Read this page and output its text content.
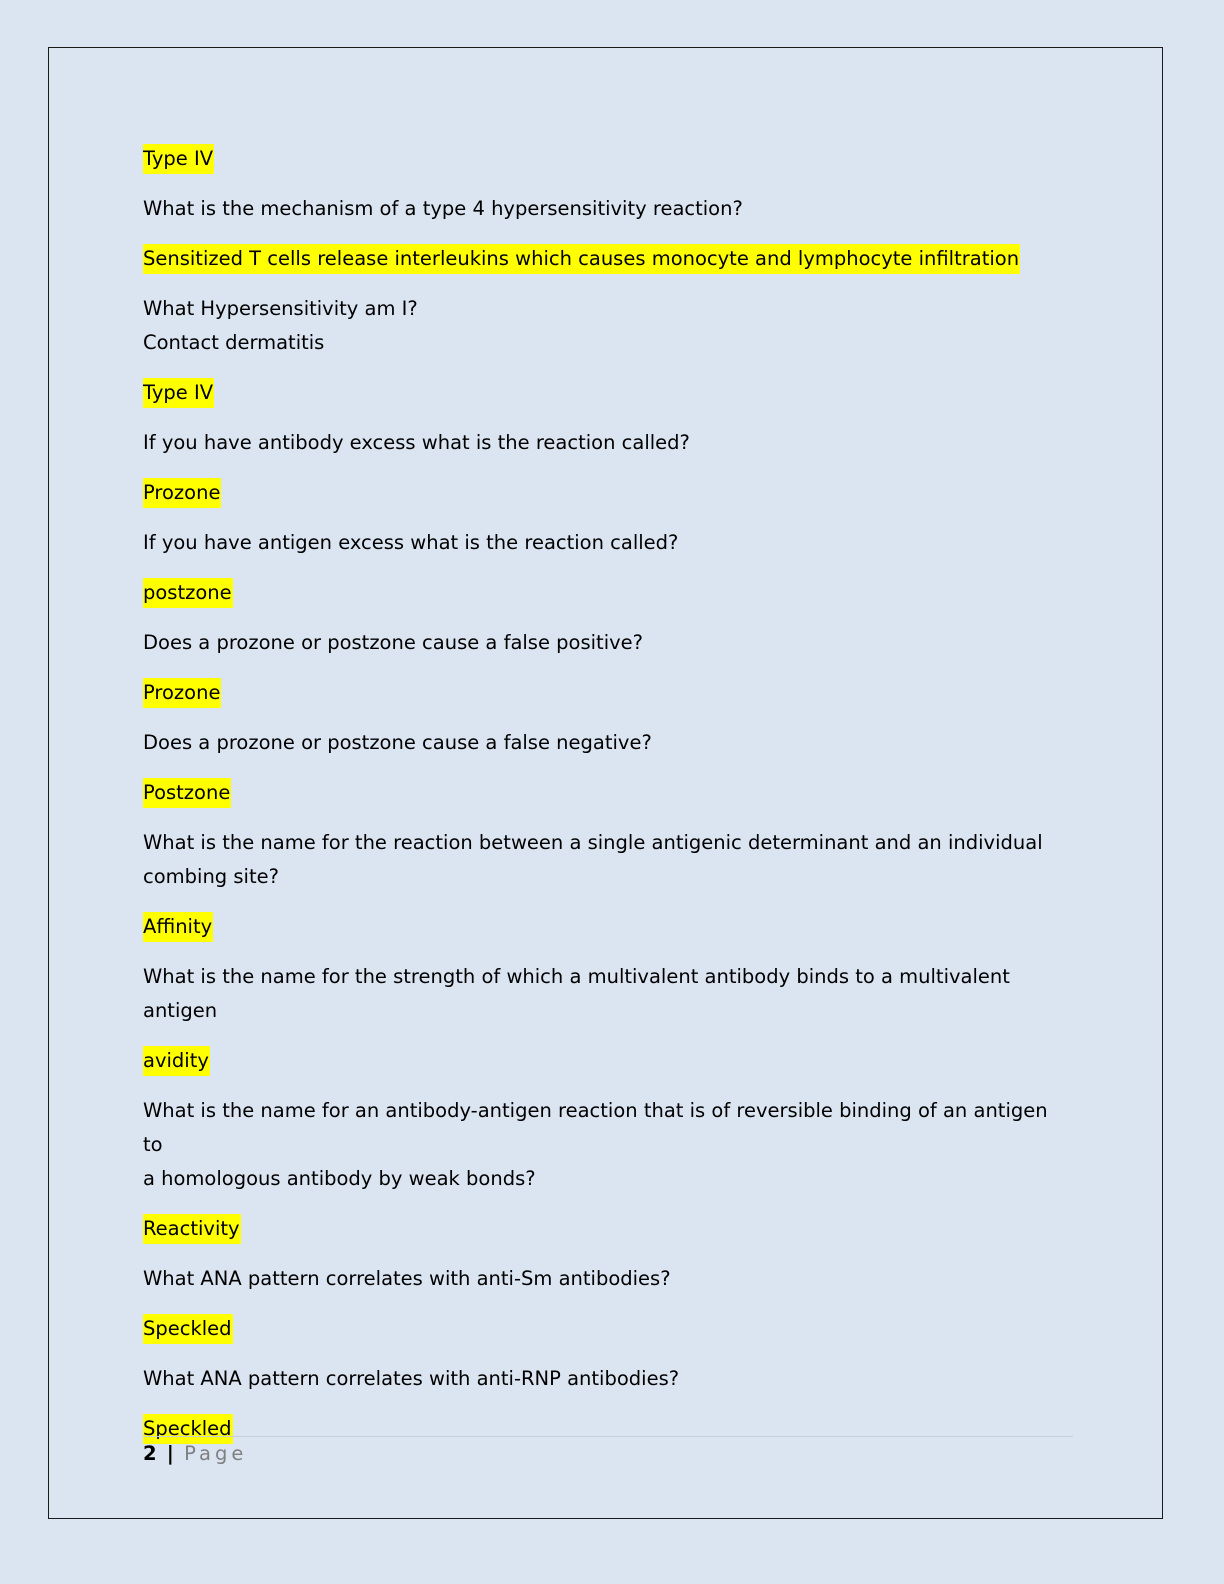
Type IV

What is the mechanism of a type 4 hypersensitivity reaction?

Sensitized T cells release interleukins which causes monocyte and lymphocyte infiltration

What Hypersensitivity am I?
Contact dermatitis

Type IV

If you have antibody excess what is the reaction called?

Prozone

If you have antigen excess what is the reaction called?

postzone

Does a prozone or postzone cause a false positive?

Prozone

Does a prozone or postzone cause a false negative?

Postzone

What is the name for the reaction between a single antigenic determinant and an individual
combing site?

Affinity

What is the name for the strength of which a multivalent antibody binds to a multivalent
antigen

avidity

What is the name for an antibody-antigen reaction that is of reversible binding of an antigen to
a homologous antibody by weak bonds?

Reactivity

What ANA pattern correlates with anti-Sm antibodies?

Speckled

What ANA pattern correlates with anti-RNP antibodies?

Speckled

2 | Page
